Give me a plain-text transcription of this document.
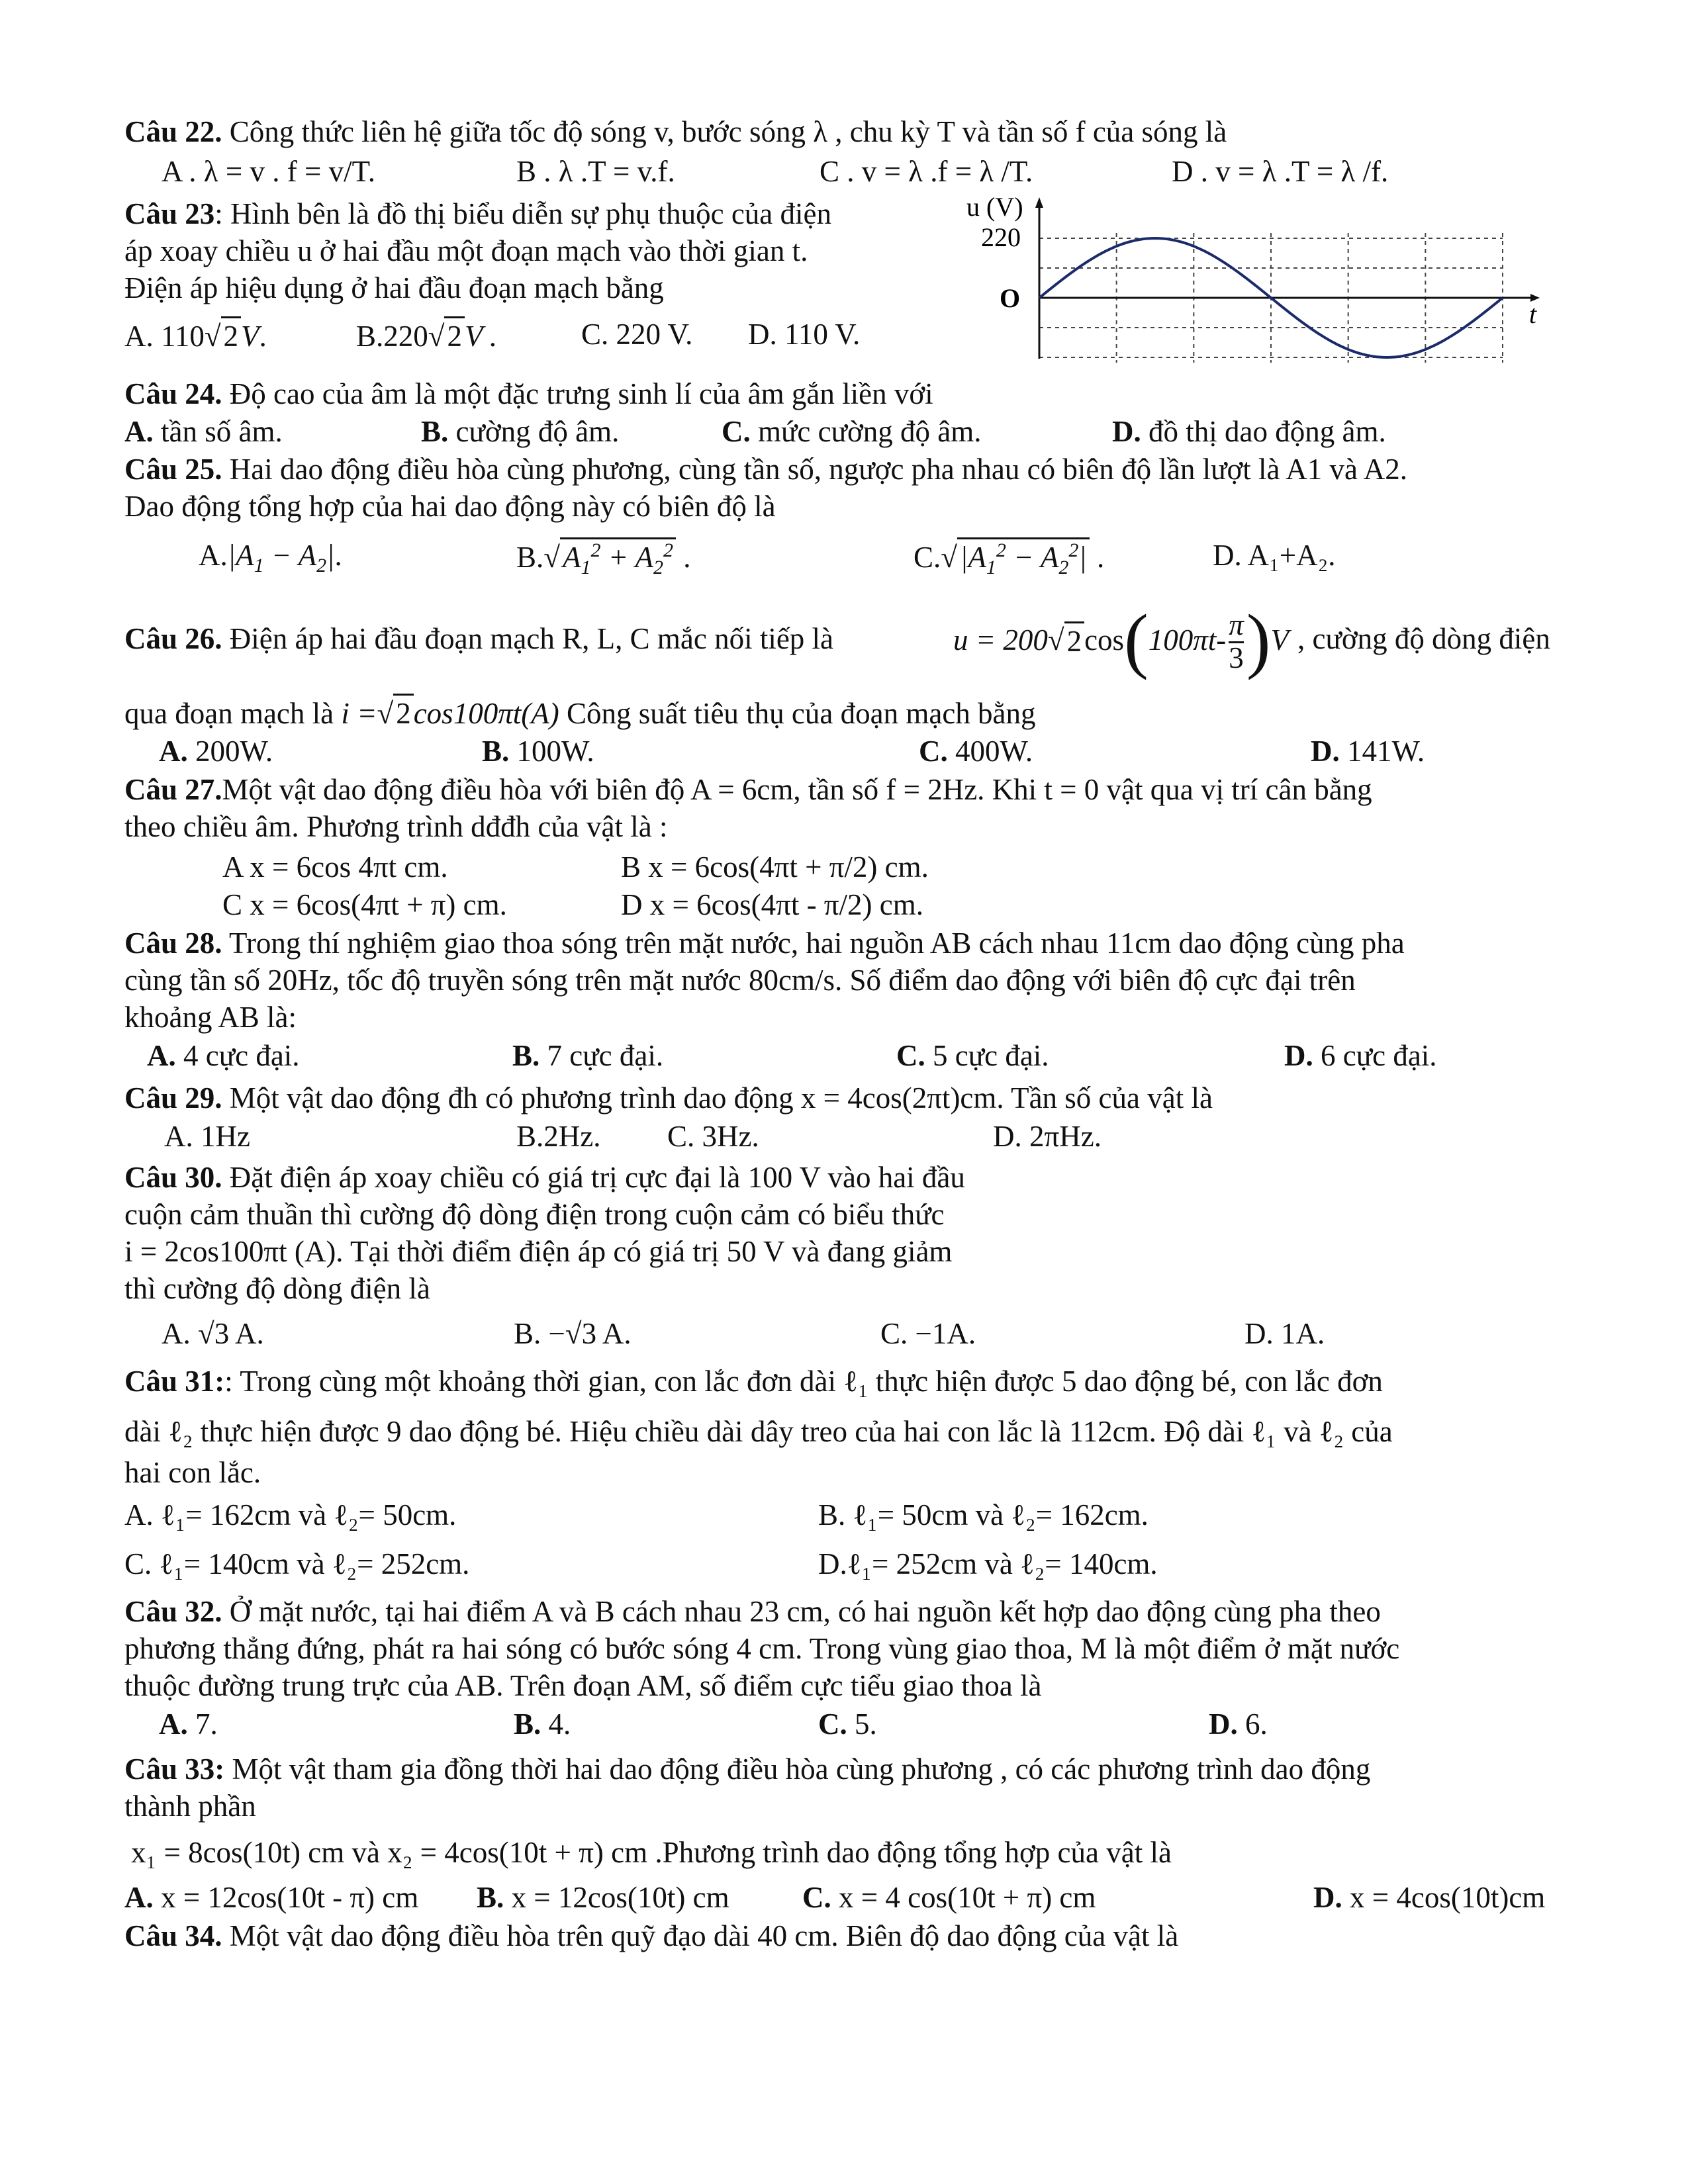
Câu 22. Công thức liên hệ giữa tốc độ sóng v, bước sóng λ , chu kỳ T và tần số f của sóng là
A . λ = v . f = v/T.	B . λ .T = v.f.	C . v = λ .f = λ /T.	D . v = λ .T = λ /f.
Câu 23: Hình bên là đồ thị biểu diễn sự phụ thuộc của điện
áp xoay chiều u ở hai đầu một đoạn mạch vào thời gian t.
Điện áp hiệu dụng ở hai đầu đoạn mạch bằng
A. 110√2V.	B.220√2V .	C. 220 V. D. 110 V.
u (V)
220
O
t
Câu 24. Độ cao của âm là một đặc trưng sinh lí của âm gắn liền với
A. tần số âm.	B. cường độ âm.	C. mức cường độ âm.	D. đồ thị dao động âm.
Câu 25. Hai dao động điều hòa cùng phương, cùng tần số, ngược pha nhau có biên độ lần lượt là A1 và A2.
Dao động tổng hợp của hai dao động này có biên độ là
$A.|A_1 - A_2|$.	$B.√A_1^2 + A_2^2$ .	$C.√|A_1^2 - A_2^2|$ .	D. A₁+A₂.
Câu 26. Điện áp hai đầu đoạn mạch R, L, C mắc nối tiếp là	u = 200 √ 2 cos ( $100\pi t- \frac{\pi}{3}$ ) V , cường độ dòng điện
qua đoạn mạch là i =√2cos100πt(A) Công suất tiêu thụ của đoạn mạch bằng
A. 200W.	B. 100W.	C. 400W.	D. 141W.
Câu 27.Một vật dao động điều hòa với biên độ A = 6cm, tần số f = 2Hz. Khi t = 0 vật qua vị trí cân bằng
theo chiều âm. Phương trình dđđh của vật là :
A x = 6cos 4πt cm.	B x = 6cos(4πt + π/2) cm.
C x = 6cos(4πt + π) cm.	D x = 6cos(4πt - π/2) cm.
Câu 28. Trong thí nghiệm giao thoa sóng trên mặt nước, hai nguồn AB cách nhau 11cm dao động cùng pha
cùng tần số 20Hz, tốc độ truyền sóng trên mặt nước 80cm/s. Số điểm dao động với biên độ cực đại trên
khoảng AB là:
A. 4 cực đại.	B. 7 cực đại.	C. 5 cực đại.	D. 6 cực đại.
Câu 29. Một vật dao động đh có phương trình dao động x = 4cos(2πt)cm. Tần số của vật là
A. 1Hz	B.2Hz. C. 3Hz.	D. 2πHz.
Câu 30. Đặt điện áp xoay chiều có giá trị cực đại là 100 V vào hai đầu
cuộn cảm thuần thì cường độ dòng điện trong cuộn cảm có biểu thức
i = 2cos100πt (A). Tại thời điểm điện áp có giá trị 50 V và đang giảm
thì cường độ dòng điện là
A. √3 A.	B. −√3 A.	C. −1A.	D. 1A.
Câu 31:: Trong cùng một khoảng thời gian, con lắc đơn dài ℓ₁ thực hiện được 5 dao động bé, con lắc đơn
dài ℓ₂ thực hiện được 9 dao động bé. Hiệu chiều dài dây treo của hai con lắc là 112cm. Độ dài ℓ₁ và ℓ₂ của
hai con lắc.
A. ℓ₁= 162cm và ℓ₂= 50cm.	B. ℓ₁= 50cm và ℓ₂= 162cm.
C. ℓ₁= 140cm và ℓ₂= 252cm.	D.ℓ₁= 252cm và ℓ₂= 140cm.
Câu 32. Ở mặt nước, tại hai điểm A và B cách nhau 23 cm, có hai nguồn kết hợp dao động cùng pha theo
phương thẳng đứng, phát ra hai sóng có bước sóng 4 cm. Trong vùng giao thoa, M là một điểm ở mặt nước
thuộc đường trung trực của AB. Trên đoạn AM, số điểm cực tiểu giao thoa là
A. 7.	B. 4.	C. 5.	D. 6.
Câu 33: Một vật tham gia đồng thời hai dao động điều hòa cùng phương , có các phương trình dao động
thành phần
x₁ = 8cos(10t) cm và x₂ = 4cos(10t + π) cm .Phương trình dao động tổng hợp của vật là
A. x = 12cos(10t - π) cm B. x = 12cos(10t) cm C. x = 4 cos(10t + π) cm	D. x = 4cos(10t)cm
Câu 34. Một vật dao động điều hòa trên quỹ đạo dài 40 cm. Biên độ dao động của vật là
